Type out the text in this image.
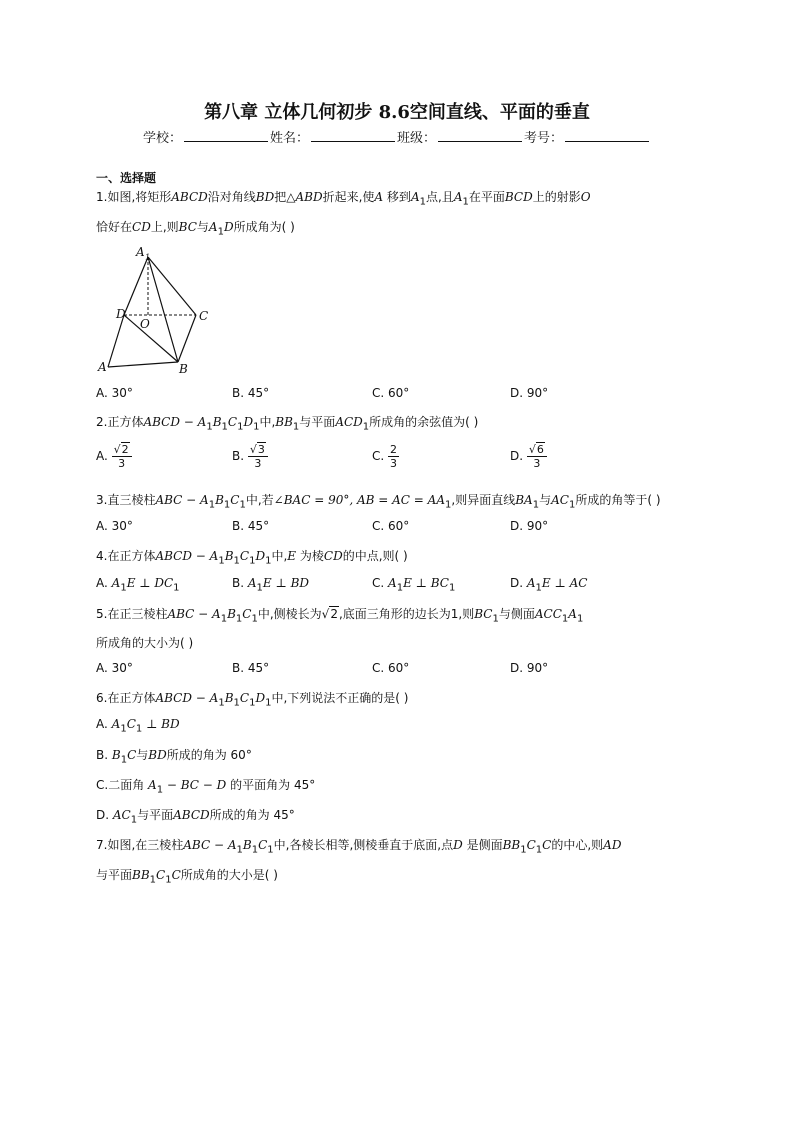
第八章 立体几何初步 8.6空间直线、平面的垂直
学校：	姓名：	班级：	考号：
一、选择题
1.如图,将矩形ABCD沿对角线BD把△ABD折起来,使A 移到$A_1$点,且$A_1$在平面BCD上的射影O
恰好在CD上,则BC与$A_1D$所成角为( )
A 1
D
O
C
A	B
A. 30°	B. 45°	C. 60°	D. 90°
2.正方体ABCD − $A_1B_1C_1D_1$中$,BB_1$与平面$ACD_1$所成角的余弦值为( )
A. $\frac{√2}{3}$	B. $\frac{√3}{3}$	C. $\frac{2}{3}$	D. $\frac{√6}{3}$
3.直三棱柱ABC − $A_1B_1C_1$中,若∠BAC = 90°, AB = AC = $AA_1$,则异面直线$BA_1$与$AC_1$所成的角等于( )
A. 30°	B. 45°	C. 60°	D. 90°
4.在正方体ABCD − $A_1B_1C_1D_1$中,E 为棱CD的中点,则( )
A. $A_1E$ ⊥ $DC_1$	B. $A_1E$ ⊥ BD	C. $A_1E$ ⊥ $BC_1$	D. $A_1E$ ⊥ AC
5.在正三棱柱ABC − $A_1B_1C_1$中,侧棱长为√2,底面三角形的边长为1,则$BC_1$与侧面$ACC_1A_1$
所成角的大小为( )
A. 30°	B. 45°	C. 60°	D. 90°
6.在正方体ABCD − $A_1B_1C_1D_1$中,下列说法不正确的是( )
A. $A_1C_1$ ⊥ BD
B. $B_1C$与BD所成的角为 60°
C.二面角 $A_1$ − BC − D 的平面角为 45°
D. $AC_1$与平面ABCD所成的角为 45°
7.如图,在三棱柱ABC − $A_1B_1C_1$中,各棱长相等,侧棱垂直于底面,点D 是侧面$BB_1C_1C$的中心,则AD
与平面$BB_1C_1C$所成角的大小是( )
